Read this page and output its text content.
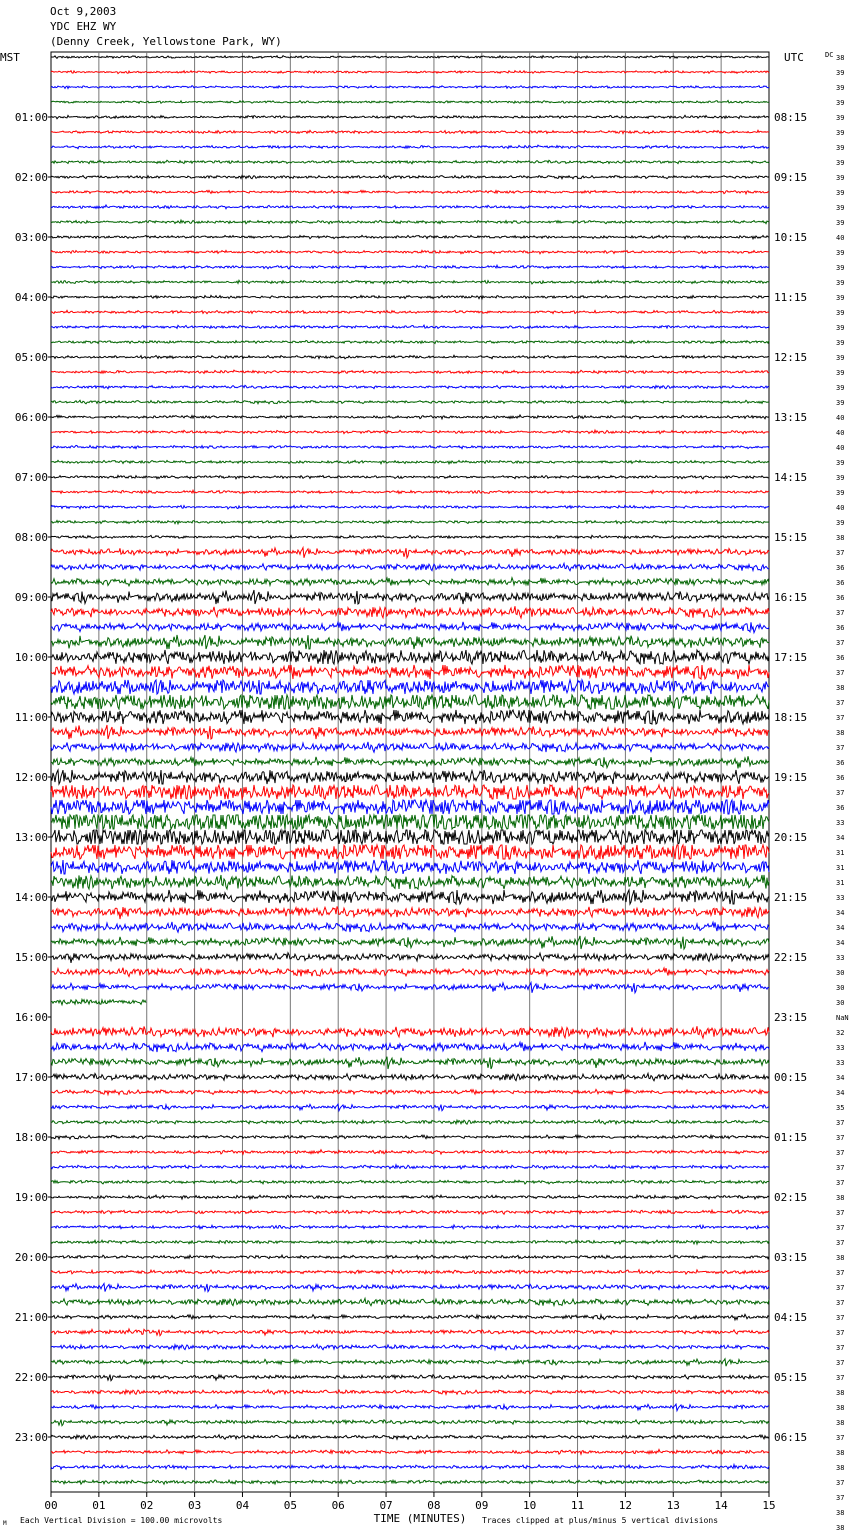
Oct 9,2003
YDC EHZ WY
(Denny Creek, Yellowstone Park, WY)
MST	UTC	DC
01:00
02:00
03:00
04:00
05:00
06:00
07:00
08:00
09:00
10:00
11:00
12:00
13:00
14:00
15:00
16:00
17:00
18:00
19:00
20:00
21:00
22:00
23:00
08:15
09:15
10:15
11:15
12:15
13:15
14:15
15:15
16:15
17:15
18:15
19:15
20:15
21:15
22:15
23:15
00:15
01:15
02:15
03:15
04:15
05:15
06:15
38
39
39
39
39
39
39
39
39
39
39
39
40
39
39
39
39
39
39
39
39
39
39
39
40
40
40
39
39
39
40
39
38
37
36
36
36
37
36
37
36
37
38
37
37
38
37
36
36
37
36
33
34
31
31
31
33
34
34
34
33
30
30
30
NaN
32
33
33
34
34
35
37
37
37
37
37
38
37
37
37
38
37
37
37
37
37
37
37
37
38
38
38
37
38
38
37
37
38
38
00	01	02	03	04	05	06	07	08	09	10	11	12	13	14	15
TIME (MINUTES)
Each Vertical Division = 100.00 microvolts	Traces clipped at plus/minus 5 vertical divisions
M
